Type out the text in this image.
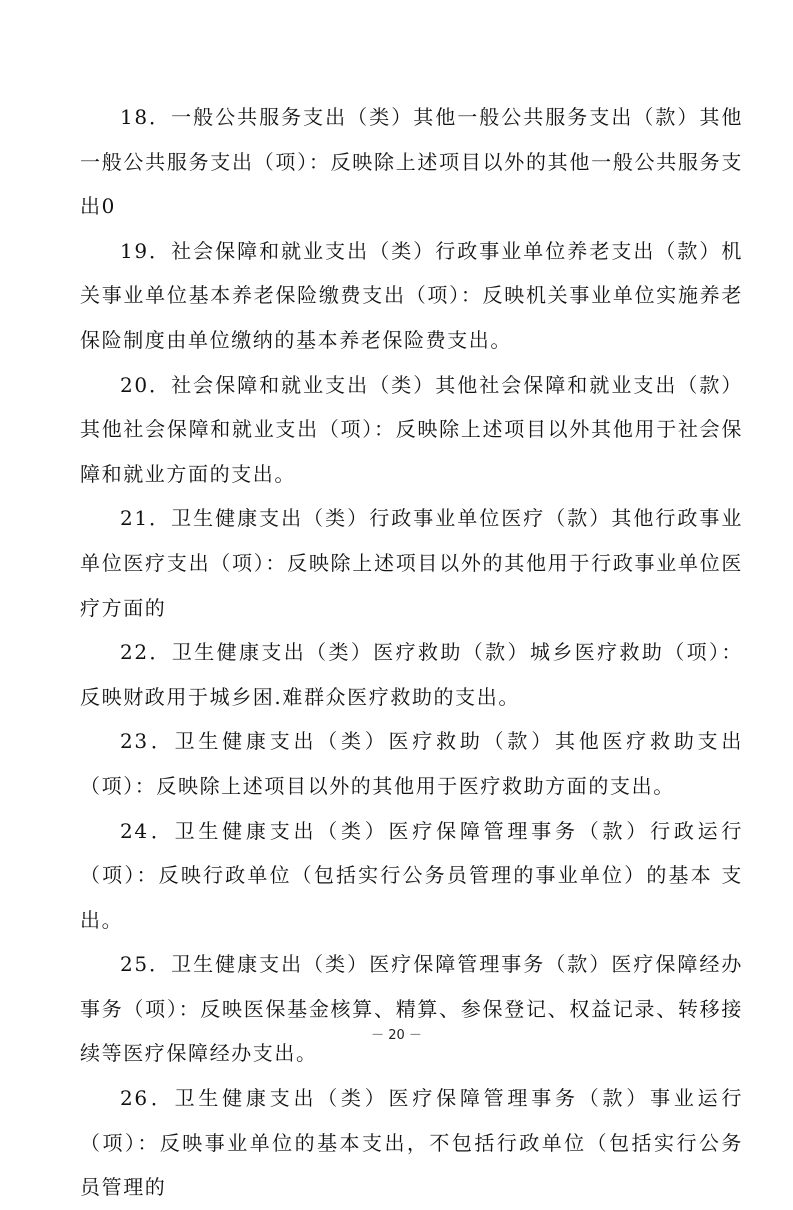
18．一般公共服务支出（类）其他一般公共服务支出（款）其他一般公共服务支出（项）：反映除上述项目以外的其他一般公共服务支出0

19．社会保障和就业支出（类）行政事业单位养老支出（款）机关事业单位基本养老保险缴费支出（项）：反映机关事业单位实施养老保险制度由单位缴纳的基本养老保险费支出。

20．社会保障和就业支出（类）其他社会保障和就业支出（款）其他社会保障和就业支出（项）：反映除上述项目以外其他用于社会保障和就业方面的支出。

21．卫生健康支出（类）行政事业单位医疗（款）其他行政事业单位医疗支出（项）：反映除上述项目以外的其他用于行政事业单位医疗方面的

22．卫生健康支出（类）医疗救助（款）城乡医疗救助（项）：反映财政用于城乡困.难群众医疗救助的支出。

23．卫生健康支出（类）医疗救助（款）其他医疗救助支出（项）：反映除上述项目以外的其他用于医疗救助方面的支出。

24．卫生健康支出（类）医疗保障管理事务（款）行政运行（项）：反映行政单位（包括实行公务员管理的事业单位）的基本 支出。

25．卫生健康支出（类）医疗保障管理事务（款）医疗保障经办事务（项）：反映医保基金核算、精算、参保登记、权益记录、转移接续等医疗保障经办支出。

26．卫生健康支出（类）医疗保障管理事务（款）事业运行（项）：反映事业单位的基本支出，不包括行政单位（包括实行公务 员管理的

－ 20 －
